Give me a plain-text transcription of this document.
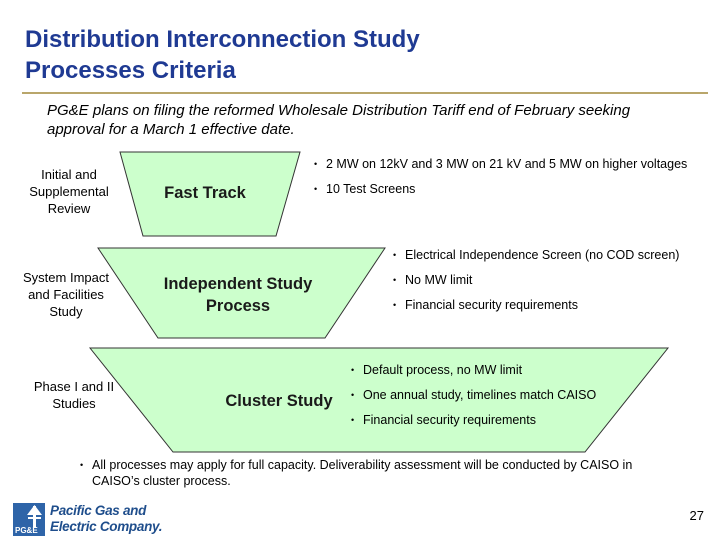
Distribution Interconnection Study
Processes Criteria
PG&E plans on filing the reformed Wholesale Distribution Tariff end of February seeking approval for a March 1 effective date.
Initial and Supplemental Review
Fast Track
• 2 MW on 12kV and 3 MW on 21 kV and 5 MW on higher voltages
• 10 Test Screens
System Impact and Facilities Study
Independent Study Process
• Electrical Independence Screen (no COD screen)
• No MW limit
• Financial security requirements
Phase I and II Studies	Cluster Study
• Default process, no MW limit
• One annual study, timelines match CAISO
• Financial security requirements
• All processes may apply for full capacity. Deliverability assessment will be conducted by CAISO in CAISO’s cluster process.
PG&E
Pacific Gas and
Electric Company.
27
